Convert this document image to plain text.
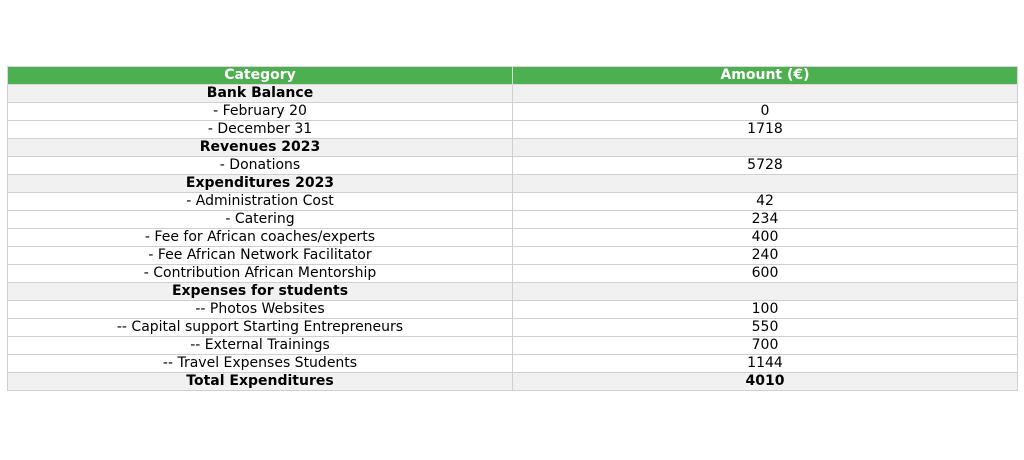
Category	Amount (€)
Bank Balance	
- February 20	0
- December 31	1718
Revenues 2023	
- Donations	5728
Expenditures 2023	
- Administration Cost	42
- Catering	234
- Fee for African coaches/experts	400
- Fee African Network Facilitator	240
- Contribution African Mentorship	600
Expenses for students	
-- Photos Websites	100
-- Capital support Starting Entrepreneurs	550
-- External Trainings	700
-- Travel Expenses Students	1144
Total Expenditures	4010
